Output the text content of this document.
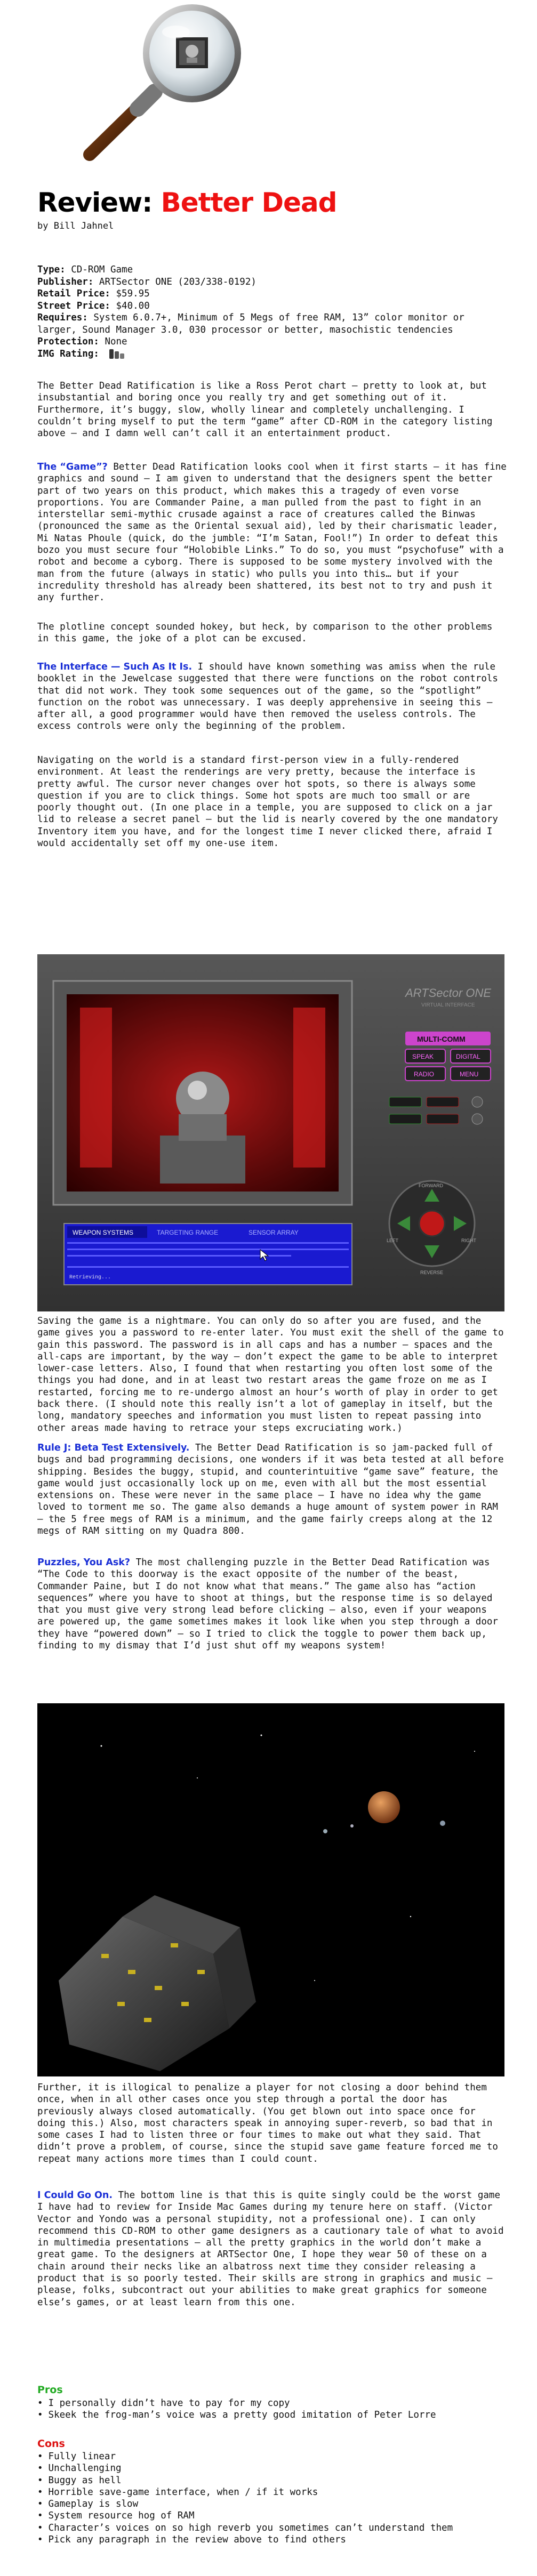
Review: Better Dead
by Bill Jahnel

Type: CD-ROM Game

Publisher: ARTSector ONE (203/338-0192)

Retail Price: $59.95

Street Price: $40.00

Requires: System 6.0.7+, Minimum of 5 Megs of free RAM, 13” color monitor or larger, Sound Manager 3.0, 030 processor or better, masochistic tendencies

Protection: None

IMG Rating:

The Better Dead Ratification is like a Ross Perot chart — pretty to look at, but insubstantial and boring once you really try and get something out of it. Furthermore, it’s buggy, slow, wholly linear and completely unchallenging. I couldn’t bring myself to put the term “game” after CD-ROM in the category listing above — and I damn well can’t call it an entertainment product.

The “Game”? Better Dead Ratification looks cool when it first starts — it has fine graphics and sound — I am given to understand that the designers spent the better part of two years on this product, which makes this a tragedy of even vorse proportions. You are Commander Paine, a man pulled from the past to fight in an interstellar semi-mythic crusade against a race of creatures called the Binwas (pronounced the same as the Oriental sexual aid), led by their charismatic leader, Mi Natas Phoule (quick, do the jumble: “I’m Satan, Fool!”) In order to defeat this bozo you must secure four “Holobible Links.” To do so, you must “psychofuse” with a robot and become a cyborg. There is supposed to be some mystery involved with the man from the future (always in static) who pulls you into this… but if your incredulity threshold has already been shattered, its best not to try and push it any further.

The plotline concept sounded hokey, but heck, by comparison to the other problems in this game, the joke of a plot can be excused.

The Interface — Such As It Is. I should have known something was amiss when the rule booklet in the Jewelcase suggested that there were functions on the robot controls that did not work. They took some sequences out of the game, so the “spotlight” function on the robot was unnecessary. I was deeply apprehensive in seeing this — after all, a good programmer would have then removed the useless controls. The excess controls were only the beginning of the problem.

Navigating on the world is a standard first-person view in a fully-rendered environment. At least the renderings are very pretty, because the interface is pretty awful. The cursor never changes over hot spots, so there is always some question if you are to click things. Some hot spots are much too small or are poorly thought out. (In one place in a temple, you are supposed to click on a jar lid to release a secret panel — but the lid is nearly covered by the one mandatory Inventory item you have, and for the longest time I never clicked there, afraid I would accidentally set off my one-use item.

ARTSector ONE
VIRTUAL INTERFACE
MULTI-COMM
SPEAK	DIGITAL
RADIO	MENU
FORWARD
LEFT	RIGHT
REVERSE
WEAPON SYSTEMS	TARGETING RANGE	SENSOR ARRAY
Retrieving...

Saving the game is a nightmare. You can only do so after you are fused, and the game gives you a password to re-enter later. You must exit the shell of the game to gain this password. The password is in all caps and has a number — spaces and the all-caps are important, by the way — don’t expect the game to be able to interpret lower-case letters. Also, I found that when restarting you often lost some of the things you had done, and in at least two restart areas the game froze on me as I restarted, forcing me to re-undergo almost an hour’s worth of play in order to get back there. (I should note this really isn’t a lot of gameplay in itself, but the long, mandatory speeches and information you must listen to repeat passing into other areas made having to retrace your steps excruciating work.)

Rule J: Beta Test Extensively. The Better Dead Ratification is so jam-packed full of bugs and bad programming decisions, one wonders if it was beta tested at all before shipping. Besides the buggy, stupid, and counterintuitive “game save” feature, the game would just occasionally lock up on me, even with all but the most essential extensions on. These were never in the same place — I have no idea why the game loved to torment me so. The game also demands a huge amount of system power in RAM — the 5 free megs of RAM is a minimum, and the game fairly creeps along at the 12 megs of RAM sitting on my Quadra 800.

Puzzles, You Ask? The most challenging puzzle in the Better Dead Ratification was “The Code to this doorway is the exact opposite of the number of the beast, Commander Paine, but I do not know what that means.” The game also has “action sequences” where you have to shoot at things, but the response time is so delayed that you must give very strong lead before clicking — also, even if your weapons are powered up, the game sometimes makes it look like when you step through a door they have “powered down” — so I tried to click the toggle to power them back up, finding to my dismay that I’d just shut off my weapons system!

Further, it is illogical to penalize a player for not closing a door behind them once, when in all other cases once you step through a portal the door has previously always closed automatically. (You get blown out into space once for doing this.) Also, most characters speak in annoying super-reverb, so bad that in some cases I had to listen three or four times to make out what they said. That didn’t prove a problem, of course, since the stupid save game feature forced me to repeat many actions more times than I could count.

I Could Go On. The bottom line is that this is quite singly could be the worst game I have had to review for Inside Mac Games during my tenure here on staff. (Victor Vector and Yondo was a personal stupidity, not a professional one). I can only recommend this CD-ROM to other game designers as a cautionary tale of what to avoid in multimedia presentations — all the pretty graphics in the world don’t make a great game. To the designers at ARTSector One, I hope they wear 50 of these on a chain around their necks like an albatross next time they consider releasing a product that is so poorly tested. Their skills are strong in graphics and music — please, folks, subcontract out your abilities to make great graphics for someone else’s games, or at least learn from this one.

Pros
• I personally didn’t have to pay for my copy
• Skeek the frog-man’s voice was a pretty good imitation of Peter Lorre
Cons
• Fully linear
• Unchallenging
• Buggy as hell
• Horrible save-game interface, when / if it works
• Gameplay is slow
• System resource hog of RAM
• Character’s voices on so high reverb you sometimes can’t understand them
• Pick any paragraph in the review above to find others
